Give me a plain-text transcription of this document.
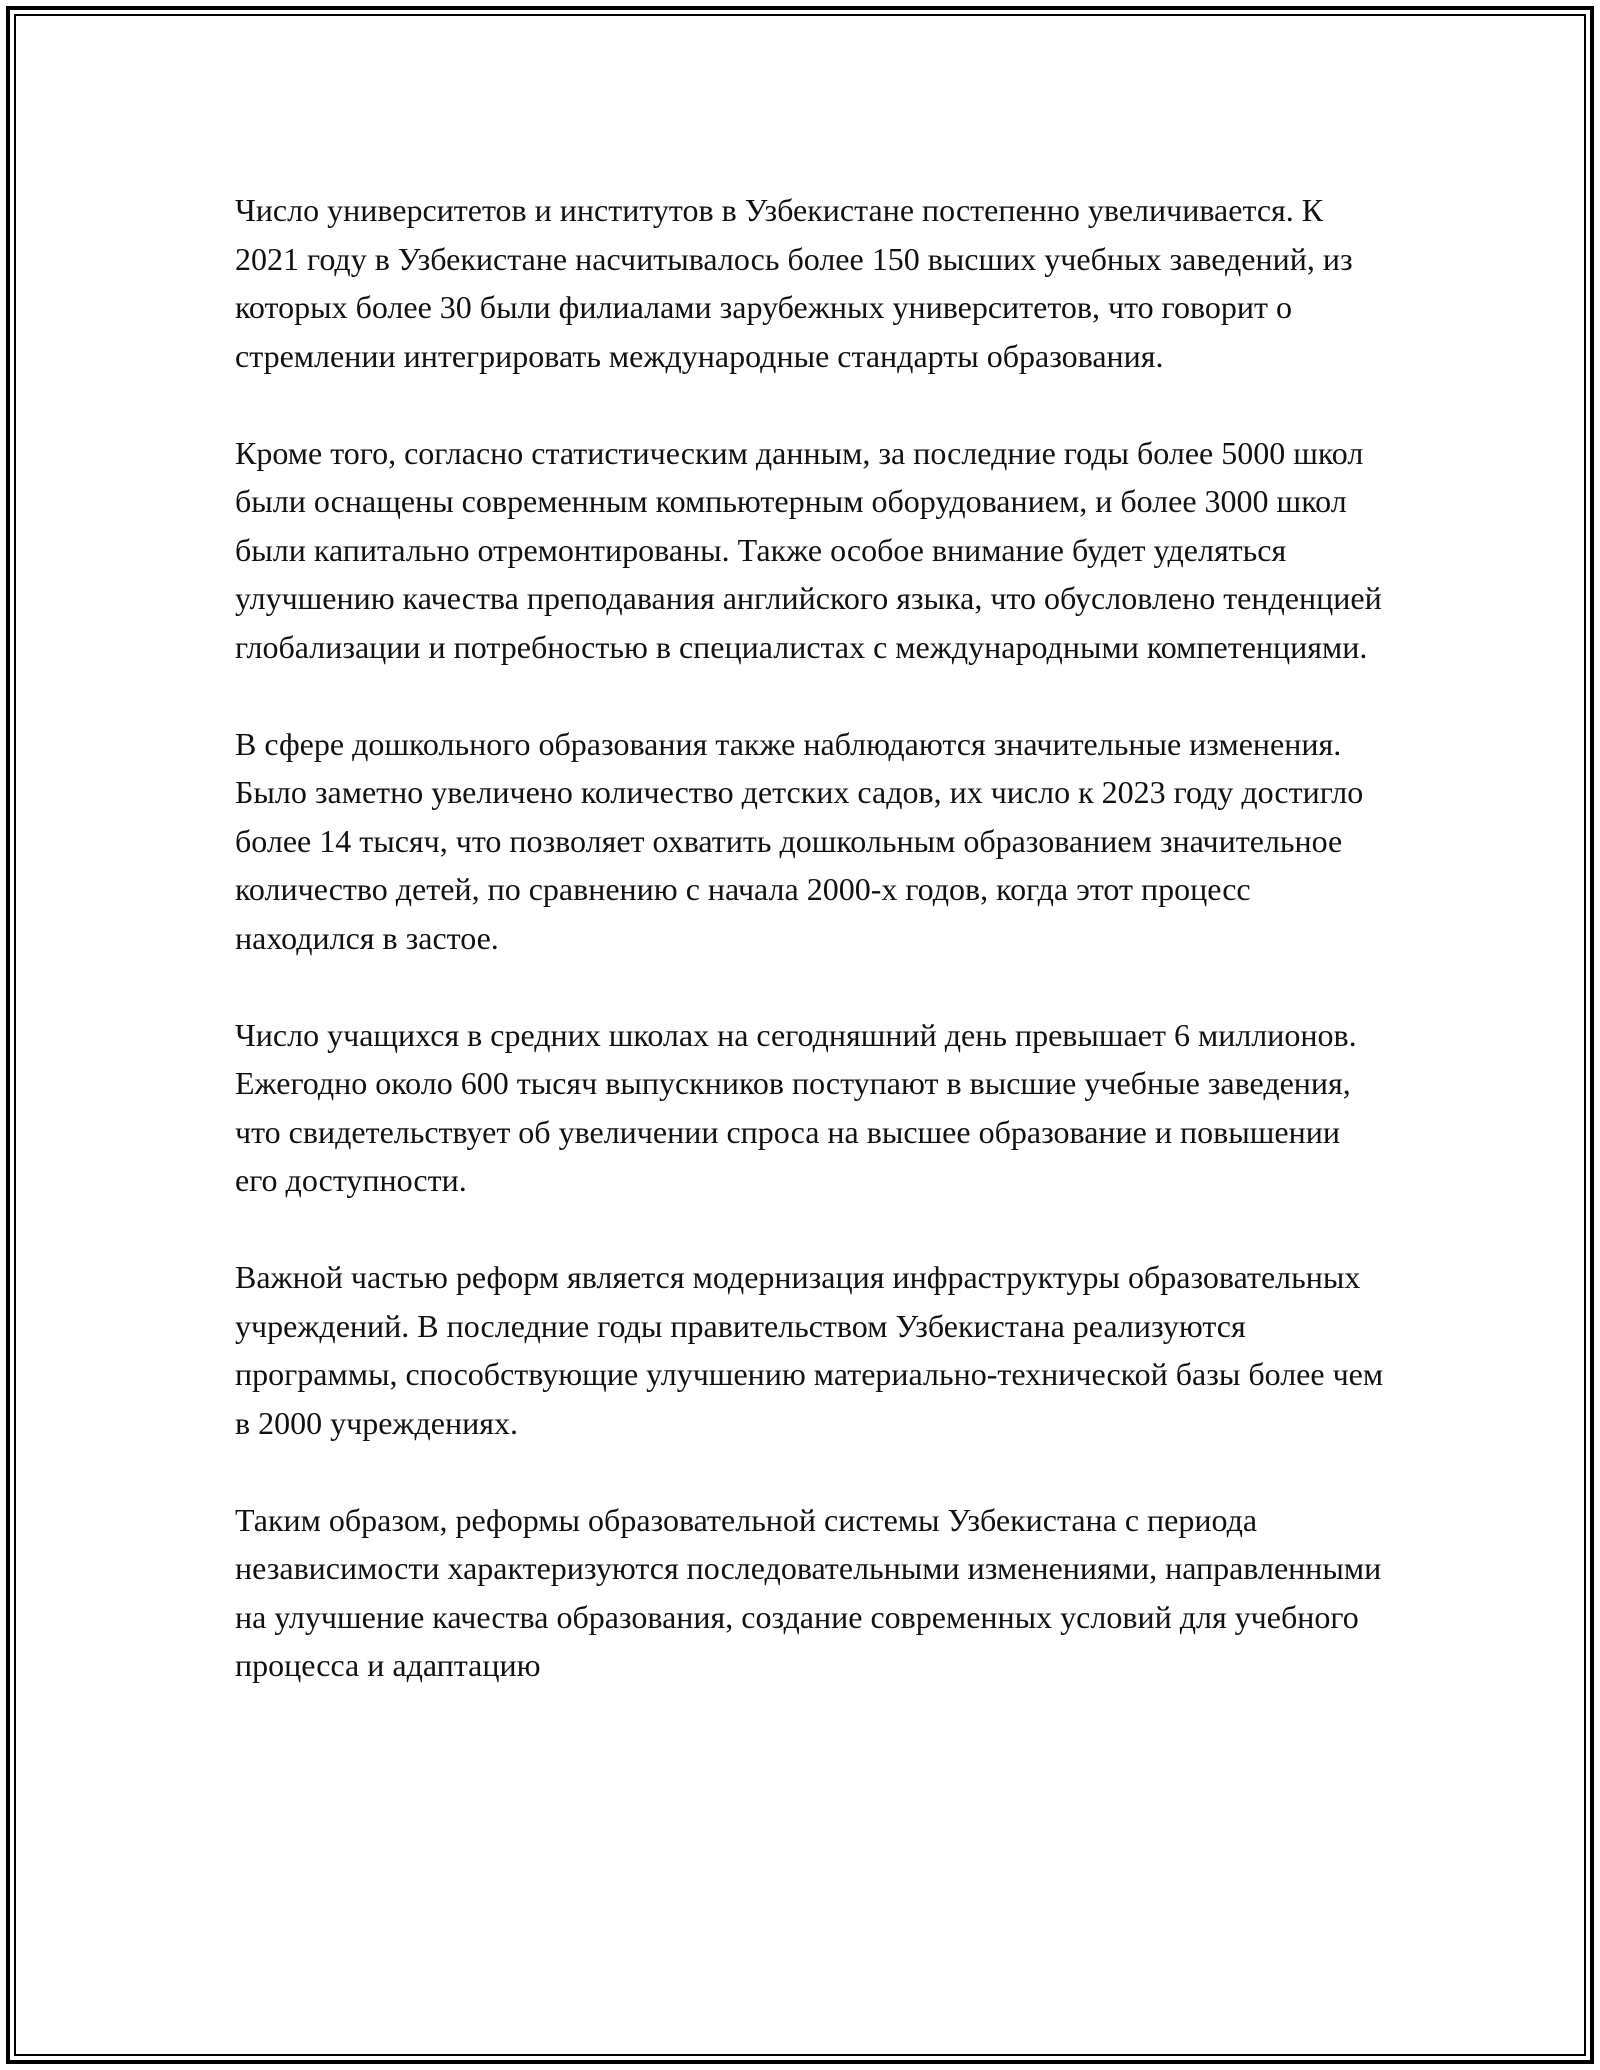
Число университетов и институтов в Узбекистане постепенно увеличивается. К 2021 году в Узбекистане насчитывалось более 150 высших учебных заведений, из которых более 30 были филиалами зарубежных университетов, что говорит о стремлении интегрировать международные стандарты образования.

Кроме того, согласно статистическим данным, за последние годы более 5000 школ были оснащены современным компьютерным оборудованием, и более 3000 школ были капитально отремонтированы. Также особое внимание будет уделяться улучшению качества преподавания английского языка, что обусловлено тенденцией глобализации и потребностью в специалистах с международными компетенциями.

В сфере дошкольного образования также наблюдаются значительные изменения. Было заметно увеличено количество детских садов, их число к 2023 году достигло более 14 тысяч, что позволяет охватить дошкольным образованием значительное количество детей, по сравнению с начала 2000-х годов, когда этот процесс находился в застое.

Число учащихся в средних школах на сегодняшний день превышает 6 миллионов. Ежегодно около 600 тысяч выпускников поступают в высшие учебные заведения, что свидетельствует об увеличении спроса на высшее образование и повышении его доступности.

Важной частью реформ является модернизация инфраструктуры образовательных учреждений. В последние годы правительством Узбекистана реализуются программы, способствующие улучшению материально-технической базы более чем в 2000 учреждениях.

Таким образом, реформы образовательной системы Узбекистана с периода независимости характеризуются последовательными изменениями, направленными на улучшение качества образования, создание современных условий для учебного процесса и адаптацию
